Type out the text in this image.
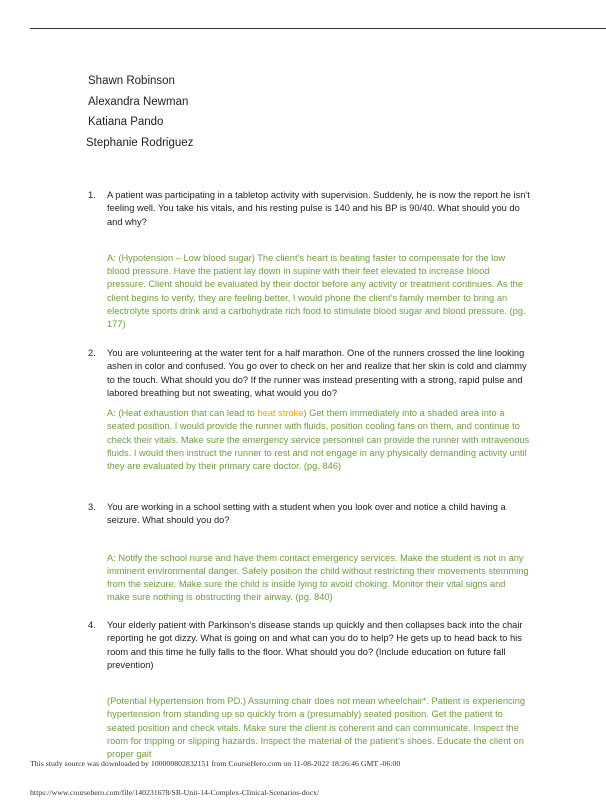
Shawn Robinson
Alexandra Newman
Katiana Pando
Stephanie Rodriguez
1. A patient was participating in a tabletop activity with supervision. Suddenly, he is now the report he isn't feeling well. You take his vitals, and his resting pulse is 140 and his BP is 90/40. What should you do and why?
A: (Hypotension – Low blood sugar) The client’s heart is beating faster to compensate for the low blood pressure. Have the patient lay down in supine with their feet elevated to increase blood pressure. Client should be evaluated by their doctor before any activity or treatment continues. As the client begins to verify, they are feeling better, I would phone the client’s family member to bring an electrolyte sports drink and a carbohydrate rich food to stimulate blood sugar and blood pressure. (pg. 177)
2. You are volunteering at the water tent for a half marathon. One of the runners crossed the line looking ashen in color and confused. You go over to check on her and realize that her skin is cold and clammy to the touch. What should you do? If the runner was instead presenting with a strong, rapid pulse and labored breathing but not sweating, what would you do?
A: (Heat exhaustion that can lead to heat stroke) Get them immediately into a shaded area into a seated position. I would provide the runner with fluids, position cooling fans on them, and continue to check their vitals. Make sure the emergency service personnel can provide the runner with intravenous fluids. I would then instruct the runner to rest and not engage in any physically demanding activity until they are evaluated by their primary care doctor. (pg. 846)
3. You are working in a school setting with a student when you look over and notice a child having a seizure. What should you do?
A: Notify the school nurse and have them contact emergency services. Make the student is not in any imminent environmental danger. Safely position the child without restricting their movements stemming from the seizure. Make sure the child is inside lying to avoid choking. Monitor their vital signs and make sure nothing is obstructing their airway. (pg. 840)
4. Your elderly patient with Parkinson’s disease stands up quickly and then collapses back into the chair reporting he got dizzy. What is going on and what can you do to help? He gets up to head back to his room and this time he fully falls to the floor. What should you do? (Include education on future fall prevention)
(Potential Hypertension from PD.) Assuming chair does not mean wheelchair*. Patient is experiencing hypertension from standing up so quickly from a (presumably) seated position. Get the patient to seated position and check vitals. Make sure the client is coherent and can communicate. Inspect the room for tripping or slipping hazards. Inspect the material of the patient’s shoes. Educate the client on proper gait
This study source was downloaded by 100000802832151 from CourseHero.com on 11-08-2022 18:26:46 GMT -06:00
https://www.coursehero.com/file/140231678/SR-Unit-14-Complex-Clinical-Scenarios-docx/
